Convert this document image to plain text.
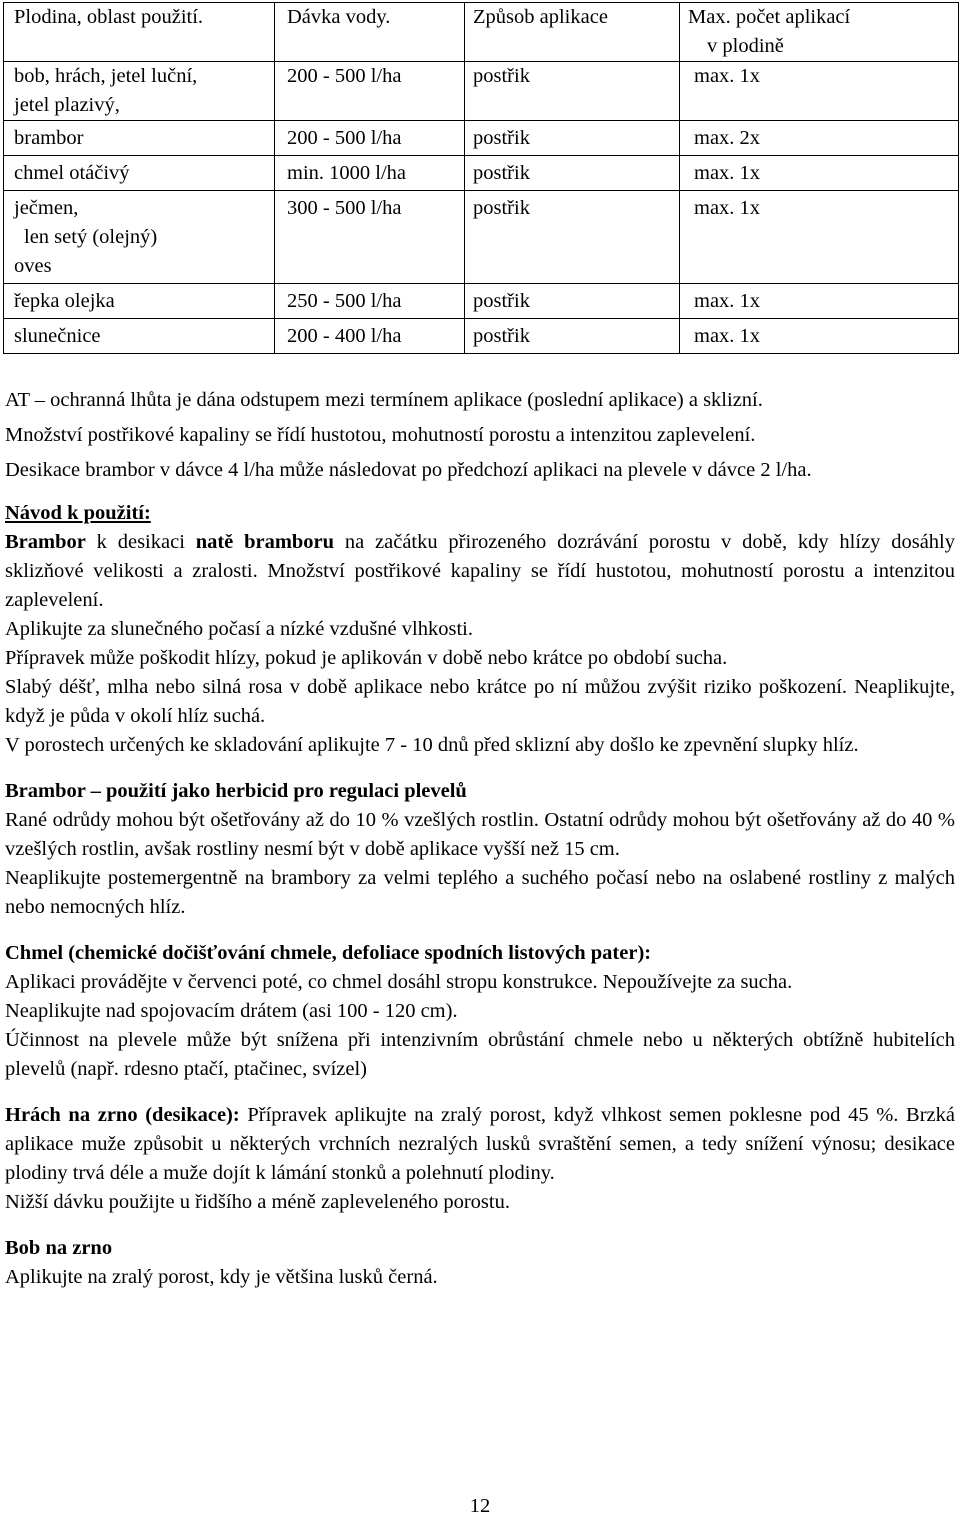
Plodina, oblast použití.	Dávka vody.	Způsob aplikace	Max. počet aplikací
v plodině

bob, hrách, jetel luční,
jetel plazivý,	200 - 500 l/ha	postřik	max. 1x
brambor	200 - 500 l/ha	postřik	max. 2x
chmel otáčivý	min. 1000 l/ha	postřik	max. 1x

ječmen,
len setý (olejný)
oves	300 - 500 l/ha	postřik	max. 1x
řepka olejka	250 - 500 l/ha	postřik	max. 1x
slunečnice	200 - 400 l/ha	postřik	max. 1x

AT – ochranná lhůta je dána odstupem mezi termínem aplikace (poslední aplikace) a sklizní.

Množství postřikové kapaliny se řídí hustotou, mohutností porostu a intenzitou zaplevelení.

Desikace brambor v dávce 4 l/ha může následovat po předchozí aplikaci na plevele v dávce 2 l/ha.

Návod k použití:

Brambor k desikaci natě bramboru na začátku přirozeného dozrávání porostu v době, kdy hlízy dosáhly sklizňové velikosti a zralosti. Množství postřikové kapaliny se řídí hustotou, mohutností porostu a intenzitou zaplevelení.

Aplikujte za slunečného počasí a nízké vzdušné vlhkosti.

Přípravek může poškodit hlízy, pokud je aplikován v době nebo krátce po období sucha.

Slabý déšť, mlha nebo silná rosa v době aplikace nebo krátce po ní můžou zvýšit riziko poškození. Neaplikujte, když je půda v okolí hlíz suchá.

V porostech určených ke skladování aplikujte 7 - 10 dnů před sklizní aby došlo ke zpevnění slupky hlíz.

Brambor – použití jako herbicid pro regulaci plevelů

Rané odrůdy mohou být ošetřovány až do 10 % vzešlých rostlin. Ostatní odrůdy mohou být ošetřovány až do 40 % vzešlých rostlin, avšak rostliny nesmí být v době aplikace vyšší než 15 cm.

Neaplikujte postemergentně na brambory za velmi teplého a suchého počasí nebo na oslabené rostliny z malých nebo nemocných hlíz.

Chmel (chemické dočišťování chmele, defoliace spodních listových pater):

Aplikaci provádějte v červenci poté, co chmel dosáhl stropu konstrukce. Nepoužívejte za sucha.

Neaplikujte nad spojovacím drátem (asi 100 - 120 cm).

Účinnost na plevele může být snížena při intenzivním obrůstání chmele nebo u některých obtížně hubitelích plevelů (např. rdesno ptačí, ptačinec, svízel)

Hrách na zrno (desikace): Přípravek aplikujte na zralý porost, když vlhkost semen poklesne pod 45 %. Brzká aplikace muže způsobit u některých vrchních nezralých lusků svraštění semen, a tedy snížení výnosu; desikace plodiny trvá déle a muže dojít k lámání stonků a polehnutí plodiny.

Nižší dávku použijte u řidšího a méně zapleveleného porostu.

Bob na zrno

Aplikujte na zralý porost, kdy je většina lusků černá.

12
